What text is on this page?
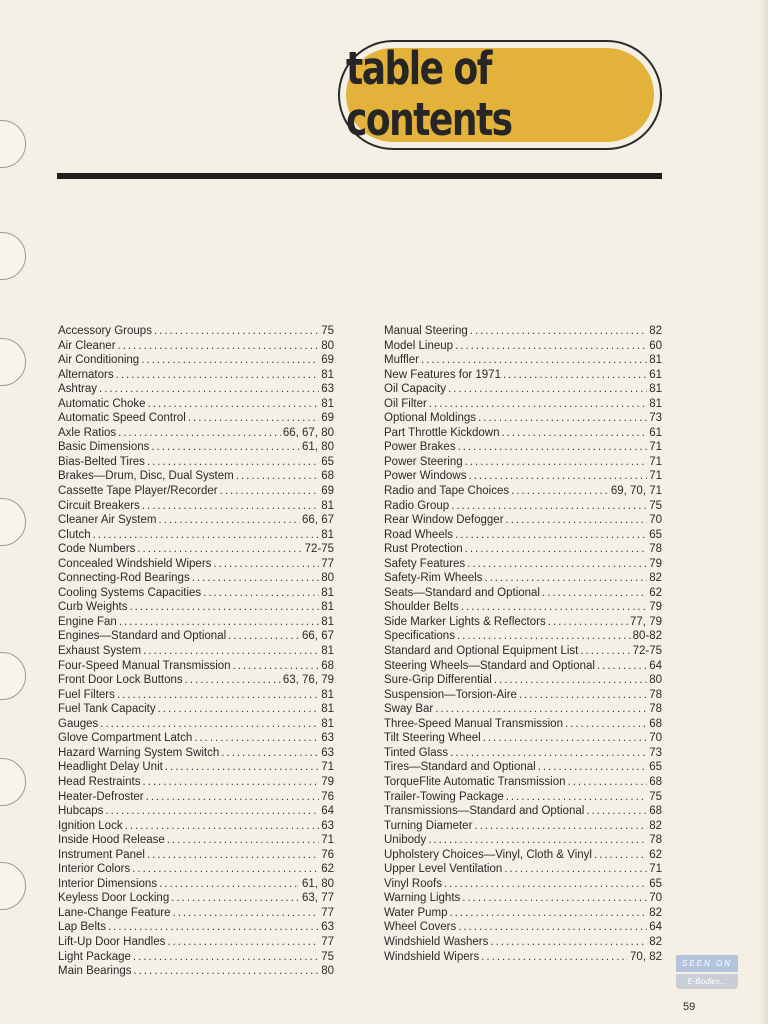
table of contents
Accessory Groups .....	75
Air Cleaner .....	80
Air Conditioning .....	69
Alternators .....	81
Ashtray .....	63
Automatic Choke .....	81
Automatic Speed Control .....	69
Axle Ratios .....	66, 67, 80
Basic Dimensions .....	61, 80
Bias-Belted Tires .....	65
Brakes—Drum, Disc, Dual System .....	68
Cassette Tape Player/Recorder .....	69
Circuit Breakers .....	81
Cleaner Air System .....	66, 67
Clutch .....	81
Code Numbers .....	72-75
Concealed Windshield Wipers .....	77
Connecting-Rod Bearings .....	80
Cooling Systems Capacities .....	81
Curb Weights .....	81
Engine Fan .....	81
Engines—Standard and Optional .....	66, 67
Exhaust System .....	81
Four-Speed Manual Transmission .....	68
Front Door Lock Buttons .....	63, 76, 79
Fuel Filters .....	81
Fuel Tank Capacity .....	81
Gauges .....	81
Glove Compartment Latch .....	63
Hazard Warning System Switch .....	63
Headlight Delay Unit .....	71
Head Restraints .....	79
Heater-Defroster .....	76
Hubcaps .....	64
Ignition Lock .....	63
Inside Hood Release .....	71
Instrument Panel .....	76
Interior Colors .....	62
Interior Dimensions .....	61, 80
Keyless Door Locking .....	63, 77
Lane-Change Feature .....	77
Lap Belts .....	63
Lift-Up Door Handles .....	77
Light Package .....	75
Main Bearings .....	80
Manual Steering .....	82
Model Lineup .....	60
Muffler .....	81
New Features for 1971 .....	61
Oil Capacity .....	81
Oil Filter .....	81
Optional Moldings .....	73
Part Throttle Kickdown .....	61
Power Brakes .....	71
Power Steering .....	71
Power Windows .....	71
Radio and Tape Choices .....	69, 70, 71
Radio Group .....	75
Rear Window Defogger .....	70
Road Wheels .....	65
Rust Protection .....	78
Safety Features .....	79
Safety-Rim Wheels .....	82
Seats—Standard and Optional .....	62
Shoulder Belts .....	79
Side Marker Lights & Reflectors .....	77, 79
Specifications .....	80-82
Standard and Optional Equipment List .....	72-75
Steering Wheels—Standard and Optional .....	64
Sure-Grip Differential .....	80
Suspension—Torsion-Aire .....	78
Sway Bar .....	78
Three-Speed Manual Transmission .....	68
Tilt Steering Wheel .....	70
Tinted Glass .....	73
Tires—Standard and Optional .....	65
TorqueFlite Automatic Transmission .....	68
Trailer-Towing Package .....	75
Transmissions—Standard and Optional .....	68
Turning Diameter .....	82
Unibody .....	78
Upholstery Choices—Vinyl, Cloth & Vinyl .....	62
Upper Level Ventilation .....	71
Vinyl Roofs .....	65
Warning Lights .....	70
Water Pump .....	82
Wheel Covers .....	64
Windshield Washers .....	82
Windshield Wipers .....	70, 82
SEEN ON
E-Bodies...
59
